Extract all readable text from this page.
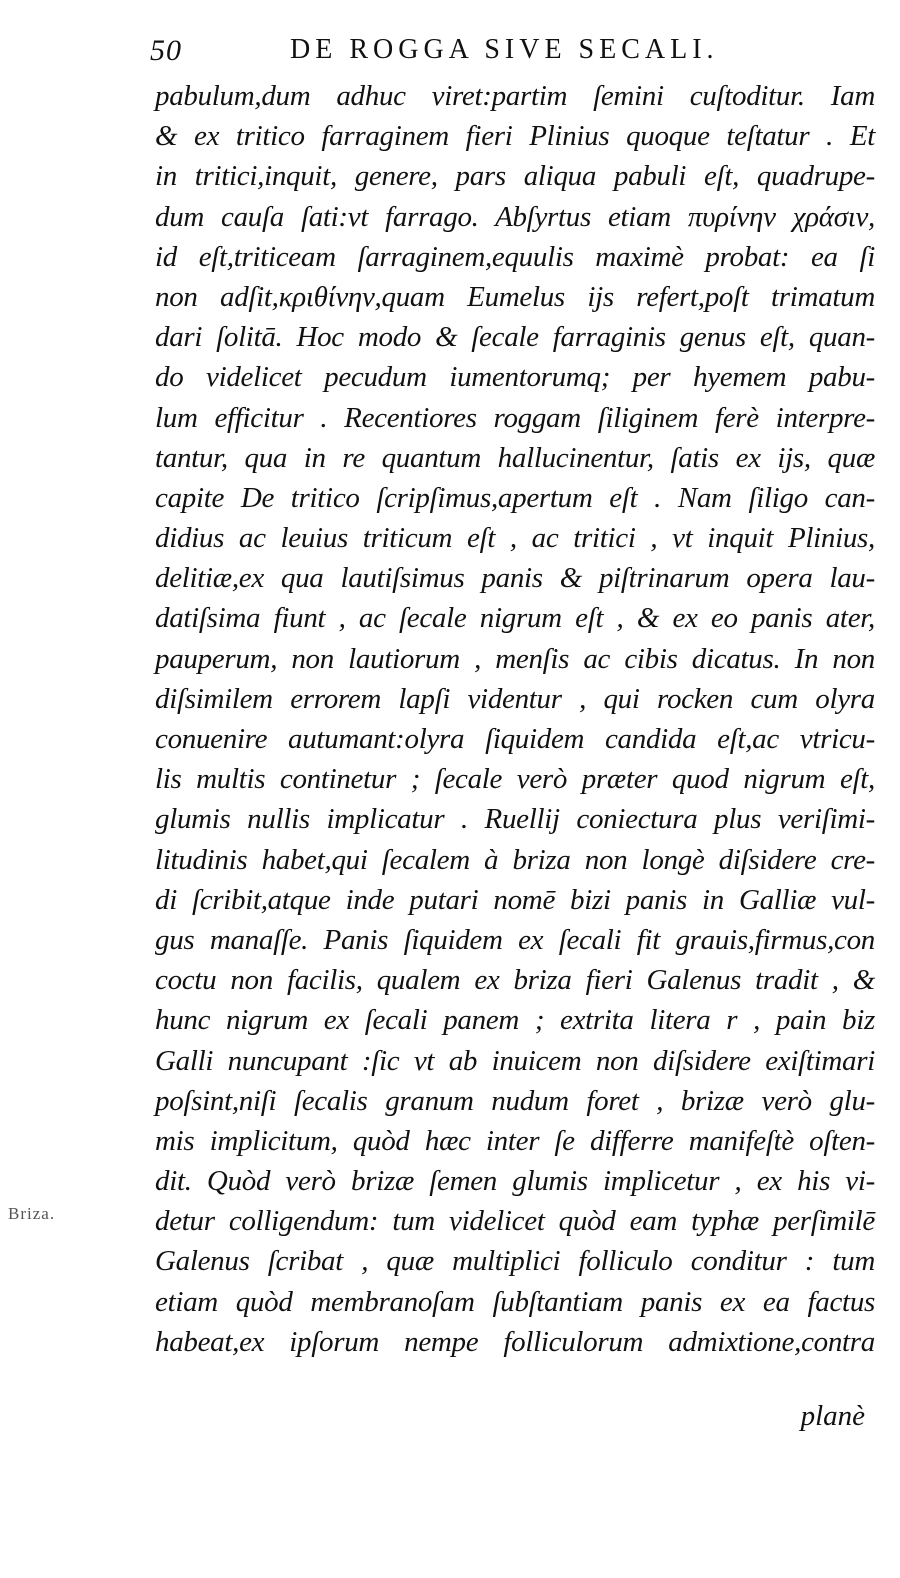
50	DE ROGGA SIVE SECALI.
Briza.
pabulum,dum adhuc viret:partim ſemini cuſtoditur. Iam
& ex tritico farraginem fieri Plinius quoque teſtatur . Et
in tritici,inquit, genere, pars aliqua pabuli eſt, quadrupe-
dum cauſa ſati:vt farrago. Abſyrtus etiam πυρίνην χράσιν,
id eſt,triticeam ſarraginem,equulis maximè probat: ea ſi
non adſit,κριθίνην,quam Eumelus ijs refert,poſt trimatum
dari ſolitā. Hoc modo & ſecale farraginis genus eſt, quan-
do videlicet pecudum iumentorumq; per hyemem pabu-
lum efficitur . Recentiores roggam ſiliginem ferè interpre-
tantur, qua in re quantum hallucinentur, ſatis ex ijs, quæ
capite De tritico ſcripſimus,apertum eſt . Nam ſiligo can-
didius ac leuius triticum eſt , ac tritici , vt inquit Plinius,
delitiæ,ex qua lautiſsimus panis & piſtrinarum opera lau-
datiſsima fiunt , ac ſecale nigrum eſt , & ex eo panis ater,
pauperum, non lautiorum , menſis ac cibis dicatus. In non
diſsimilem errorem lapſi videntur , qui rocken cum olyra
conuenire autumant:olyra ſiquidem candida eſt,ac vtricu-
lis multis continetur ; ſecale verò præter quod nigrum eſt,
glumis nullis implicatur . Ruellij coniectura plus veriſimi-
litudinis habet,qui ſecalem à briza non longè diſsidere cre-
di ſcribit,atque inde putari nomē bizi panis in Galliæ vul-
gus manaſſe. Panis ſiquidem ex ſecali fit grauis,firmus,con
coctu non facilis, qualem ex briza fieri Galenus tradit , &
hunc nigrum ex ſecali panem ; extrita litera r , pain biz
Galli nuncupant :ſic vt ab inuicem non diſsidere exiſtimari
poſsint,niſi ſecalis granum nudum foret , brizæ verò glu-
mis implicitum, quòd hæc inter ſe differre manifeſtè oſten-
dit. Quòd verò brizæ ſemen glumis implicetur , ex his vi-
detur colligendum: tum videlicet quòd eam typhæ perſimilē
Galenus ſcribat , quæ multiplici folliculo conditur : tum
etiam quòd membranoſam ſubſtantiam panis ex ea factus
habeat,ex ipſorum nempe folliculorum admixtione,contra
planè
